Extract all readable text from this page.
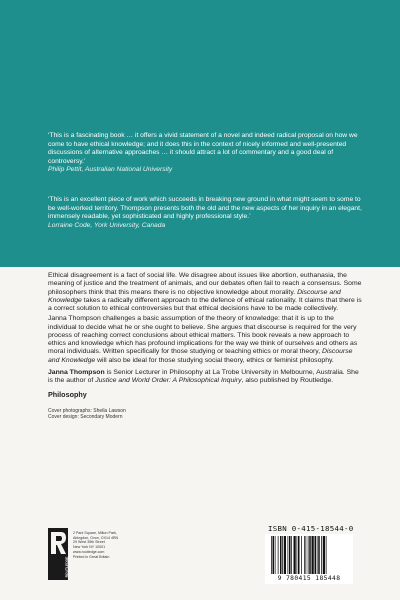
‘This is a fascinating book … it offers a vivid statement of a novel and indeed radical proposal on how we come to have ethical knowledge; and it does this in the context of nicely informed and well-presented discussions of alternative approaches … it should attract a lot of commentary and a good deal of controversy.’
Philip Pettit, Australian National University
‘This is an excellent piece of work which succeeds in breaking new ground in what might seem to some to be well-worked territory. Thompson presents both the old and the new aspects of her inquiry in an elegant, immensely readable, yet sophisticated and highly professional style.’
Lorraine Code, York University, Canada

Ethical disagreement is a fact of social life. We disagree about issues like abortion, euthanasia, the meaning of justice and the treatment of animals, and our debates often fail to reach a consensus. Some philosophers think that this means there is no objective knowledge about morality. Discourse and Knowledge takes a radically different approach to the defence of ethical rationality. It claims that there is a correct solution to ethical controversies but that ethical decisions have to be made collectively.

Janna Thompson challenges a basic assumption of the theory of knowledge: that it is up to the individual to decide what he or she ought to believe. She argues that discourse is required for the very process of reaching correct conclusions about ethical matters. This book reveals a new approach to ethics and knowledge which has profound implications for the way we think of ourselves and others as moral individuals. Written specifically for those studying or teaching ethics or moral theory, Discourse and Knowledge will also be ideal for those studying social theory, ethics or feminist philosophy.

Janna Thompson is Senior Lecturer in Philosophy at La Trobe University in Melbourne, Australia. She is the author of Justice and World Order: A Philosophical Inquiry, also published by Routledge.

Philosophy

Cover photographs: Sheila Lawson
Cover design: Secondary Modern
ROUTLEDGE
2 Park Square, Milton Park,
Abingdon, Oxon, OX14 4RN
29 West 35th Street
New York NY 10001
www.routledge.com
Printed in Great Britain
ISBN 0-415-18544-0
9 780415 185448
